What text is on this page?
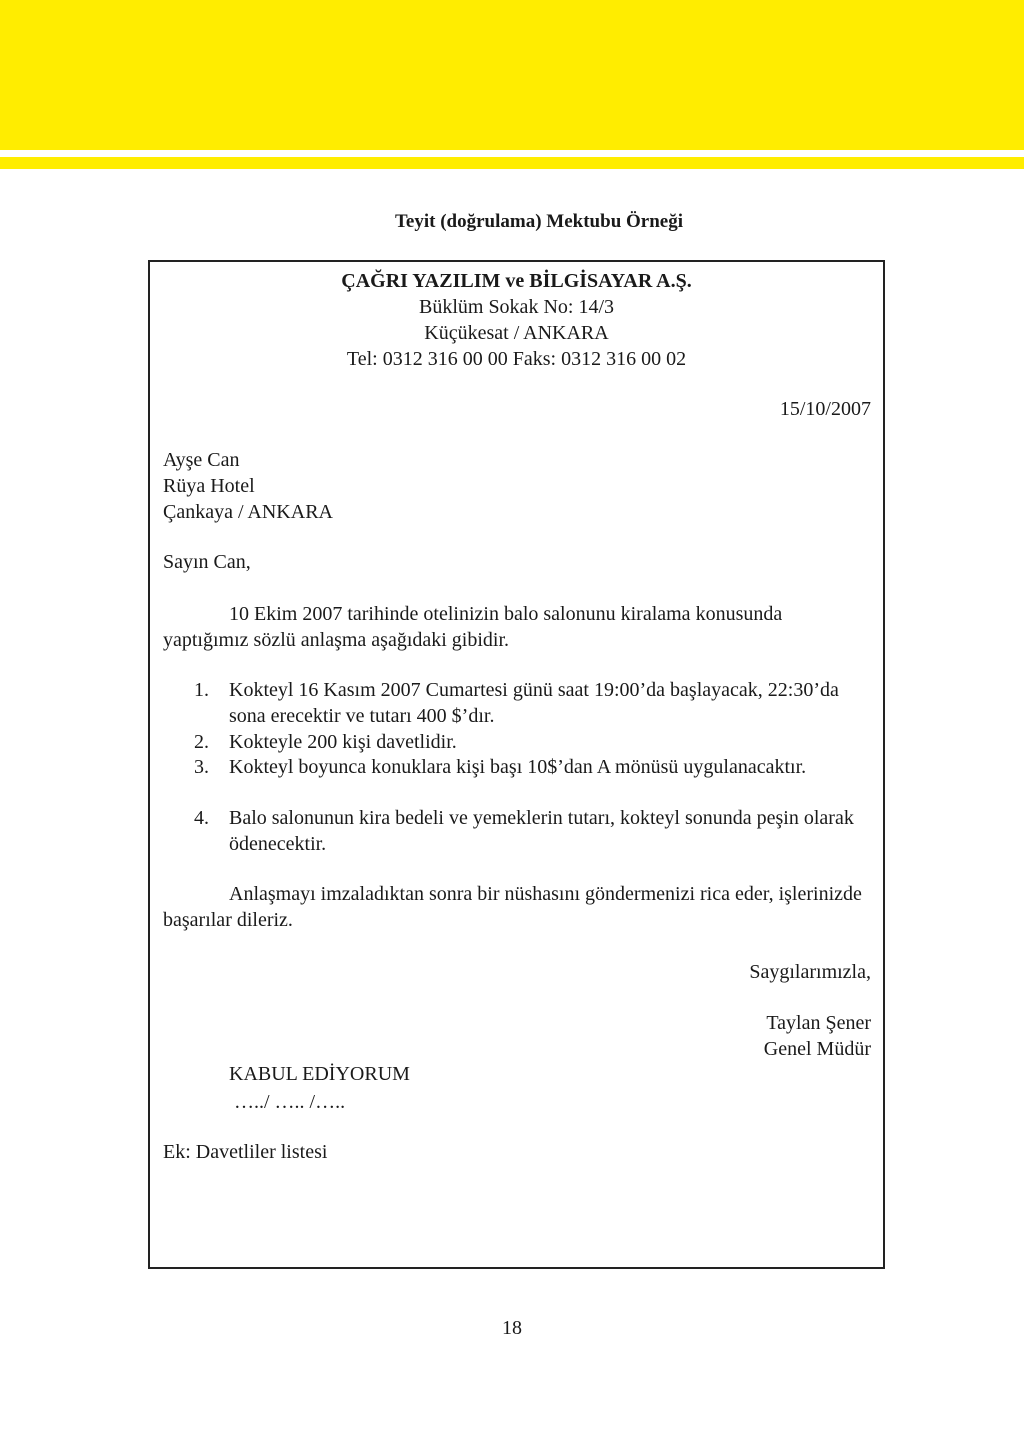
Teyit (doğrulama) Mektubu Örneği
ÇAĞRI YAZILIM ve BİLGİSAYAR A.Ş.
Büklüm Sokak No: 14/3
Küçükesat / ANKARA
Tel: 0312 316 00 00 Faks: 0312 316 00 02
15/10/2007
Ayşe Can
Rüya Hotel
Çankaya / ANKARA
Sayın Can,

10 Ekim 2007 tarihinde otelinizin balo salonunu kiralama konusunda yaptığımız sözlü anlaşma aşağıdaki gibidir.

1. Kokteyl 16 Kasım 2007 Cumartesi günü saat 19:00’da başlayacak, 22:30’da sona erecektir ve tutarı 400 $’dır.

2. Kokteyle 200 kişi davetlidir.

3. Kokteyl boyunca konuklara kişi başı 10$’dan A mönüsü uygulanacaktır.

4. Balo salonunun kira bedeli ve yemeklerin tutarı, kokteyl sonunda peşin olarak ödenecektir.

Anlaşmayı imzaladıktan sonra bir nüshasını göndermenizi rica eder, işlerinizde başarılar dileriz.

Saygılarımızla,
Taylan Şener
Genel Müdür
KABUL EDİYORUM
…../ ….. /…..
Ek: Davetliler listesi
18
